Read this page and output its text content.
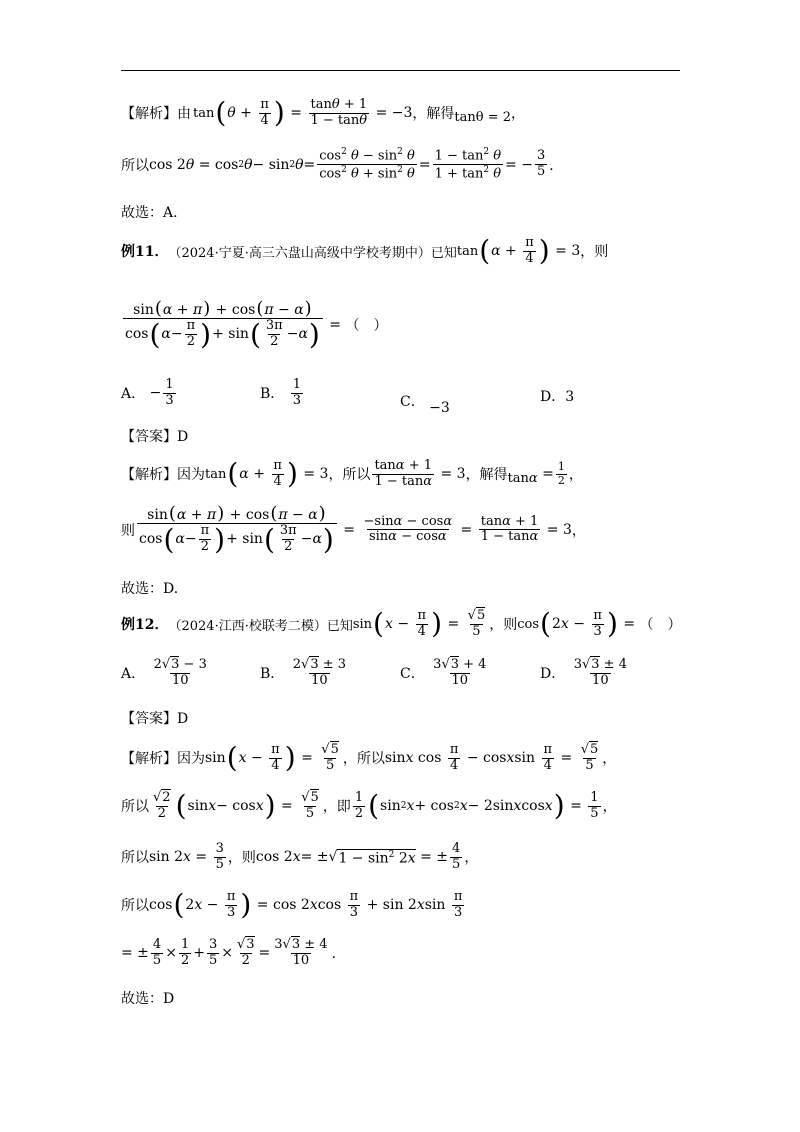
【解析】 由 tan ( $\theta + \frac{\pi}{4}$ ) = $\frac{\tan\theta + 1}{1 - \tan\theta} = -3$ ，解得 tanθ = 2 ，
所以 cos 2 θ = cos 2 θ − sin 2 $\theta = \frac{\cos^2 \theta - \sin^2 \theta}{\cos^2 \theta + \sin^2 \theta} = \frac{1 - \tan^2 \theta}{1 + \tan^2 \theta}$ = − $\frac{3}{5}$ ．
故选：A.
例11． （2024·宁夏·高三六盘山高级中学校考期中）已知 tan ( $\alpha + \frac{\pi}{4}$ ) = 3 ，则
$\frac{\sin(\alpha + \pi) + \cos(\pi - \alpha)}{\cos ( \alpha - \frac{\pi}{2} ) + \sin ( \frac{3\pi}{2} - \alpha )}$ = （　）
A． − $\frac{1}{3}$	B．
$\frac{1}{3}$	C．
−3
D．3
【答案】D
【解析】 因为 tan ( $\alpha + \frac{\pi}{4}$ ) = 3 ，所以 $\frac{\tan\alpha + 1}{1 - \tan\alpha} = 3$ ，解得 $\tan\alpha = \frac{1}{2}$ ，
则 $\frac{\sin(\alpha + \pi) + \cos(\pi - \alpha)}{\cos ( \alpha - \frac{\pi}{2} ) + \sin ( \frac{3\pi}{2} - \alpha )} = \frac{-\sin\alpha - \cos\alpha}{\sin\alpha - \cos\alpha} = \frac{\tan\alpha + 1}{1 - \tan\alpha} = 3$ ，
故选：D.
例12． （2024·江西·校联考二模）已知 sin ( $x - \frac{\pi}{4}$ ) = $\frac{√5}{5}$ ，则 cos ( 2 $x - \frac{\pi}{3}$ ) = （　）
A．
$\frac{2√3 - 3}{10}$	B．
$\frac{2√3 \pm 3}{10}$	C．
$\frac{3√3 + 4}{10}$	D．
$\frac{3√3 \pm 4}{10}$
【答案】D
【解析】 因为 sin ( $x - \frac{\pi}{4}$ ) = $\frac{√5}{5}$ ，所以 sin x $\cos \frac{\pi}{4} - \cos x$ $\sin \frac{\pi}{4} = \frac{√5}{5}$ ，
所以 $\frac{√2}{2}$ ( sin x − cos x ) = $\frac{√5}{5}$ ，即 $\frac{1}{2}$ ( sin 2 x + cos 2 x − 2sin x cos x ) = $\frac{1}{5}$ ，
所以 sin 2 $x = \frac{3}{5}$ ，则 cos 2 x = ±√ $1 - \sin^2 2x$ = ± $\frac{4}{5}$ ，
所以 cos ( 2 $x - \frac{\pi}{3}$ ) = cos 2 x $\cos \frac{\pi}{3} + \sin 2$ x $\sin \frac{\pi}{3}$
= ± $\frac{4}{5} \times \frac{1}{2} + \frac{3}{5} \times \frac{√3}{2} = \frac{3√3 \pm 4}{10}$ ．
故选：D
